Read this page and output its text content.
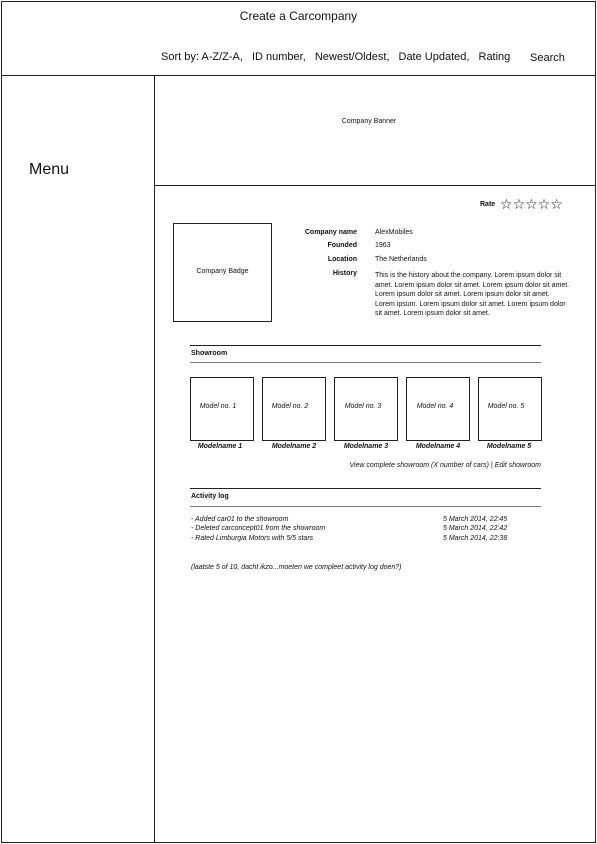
Create a Carcompany
Sort by: A-Z/Z-A, ID number, Newest/Oldest, Date Updated, Rating	Search
Menu
Company Banner
Rate ☆☆☆☆☆
Company Badge
Company name	AlexMobiles
Founded	1963
Location	The Netherlands
History	This is the history about the company. Lorem ipsum dolor sit amet. Lorem ipsum dolor sit amet. Lorem ipsum dolor sit amet. Lorem ipsum dolor sit amet. Lorem ipsum dolor sit amet. Lorem ipsum. Lorem ipsum dolor sit amet. Lorem ipsum dolor sit amet. Lorem ipsum dolor sit amet.
Showroom
Model no. 1
Modelname 1
Model no. 2
Modelname 2
Model no. 3
Modelname 3
Model no. 4
Modelname 4
Model no. 5
Modelname 5
View complete showroom (X number of cars) | Edit showroom
Activity log
- Added car01 to the showroom	5 March 2014, 22:45
- Deleted carconcept01 from the showroom	5 March 2014, 22:42
- Rated Limburgia Motors with 5/5 stars	5 March 2014, 22:38
(laatste 5 of 10, dacht ikzo...moeten we compleet activity log doen?)
